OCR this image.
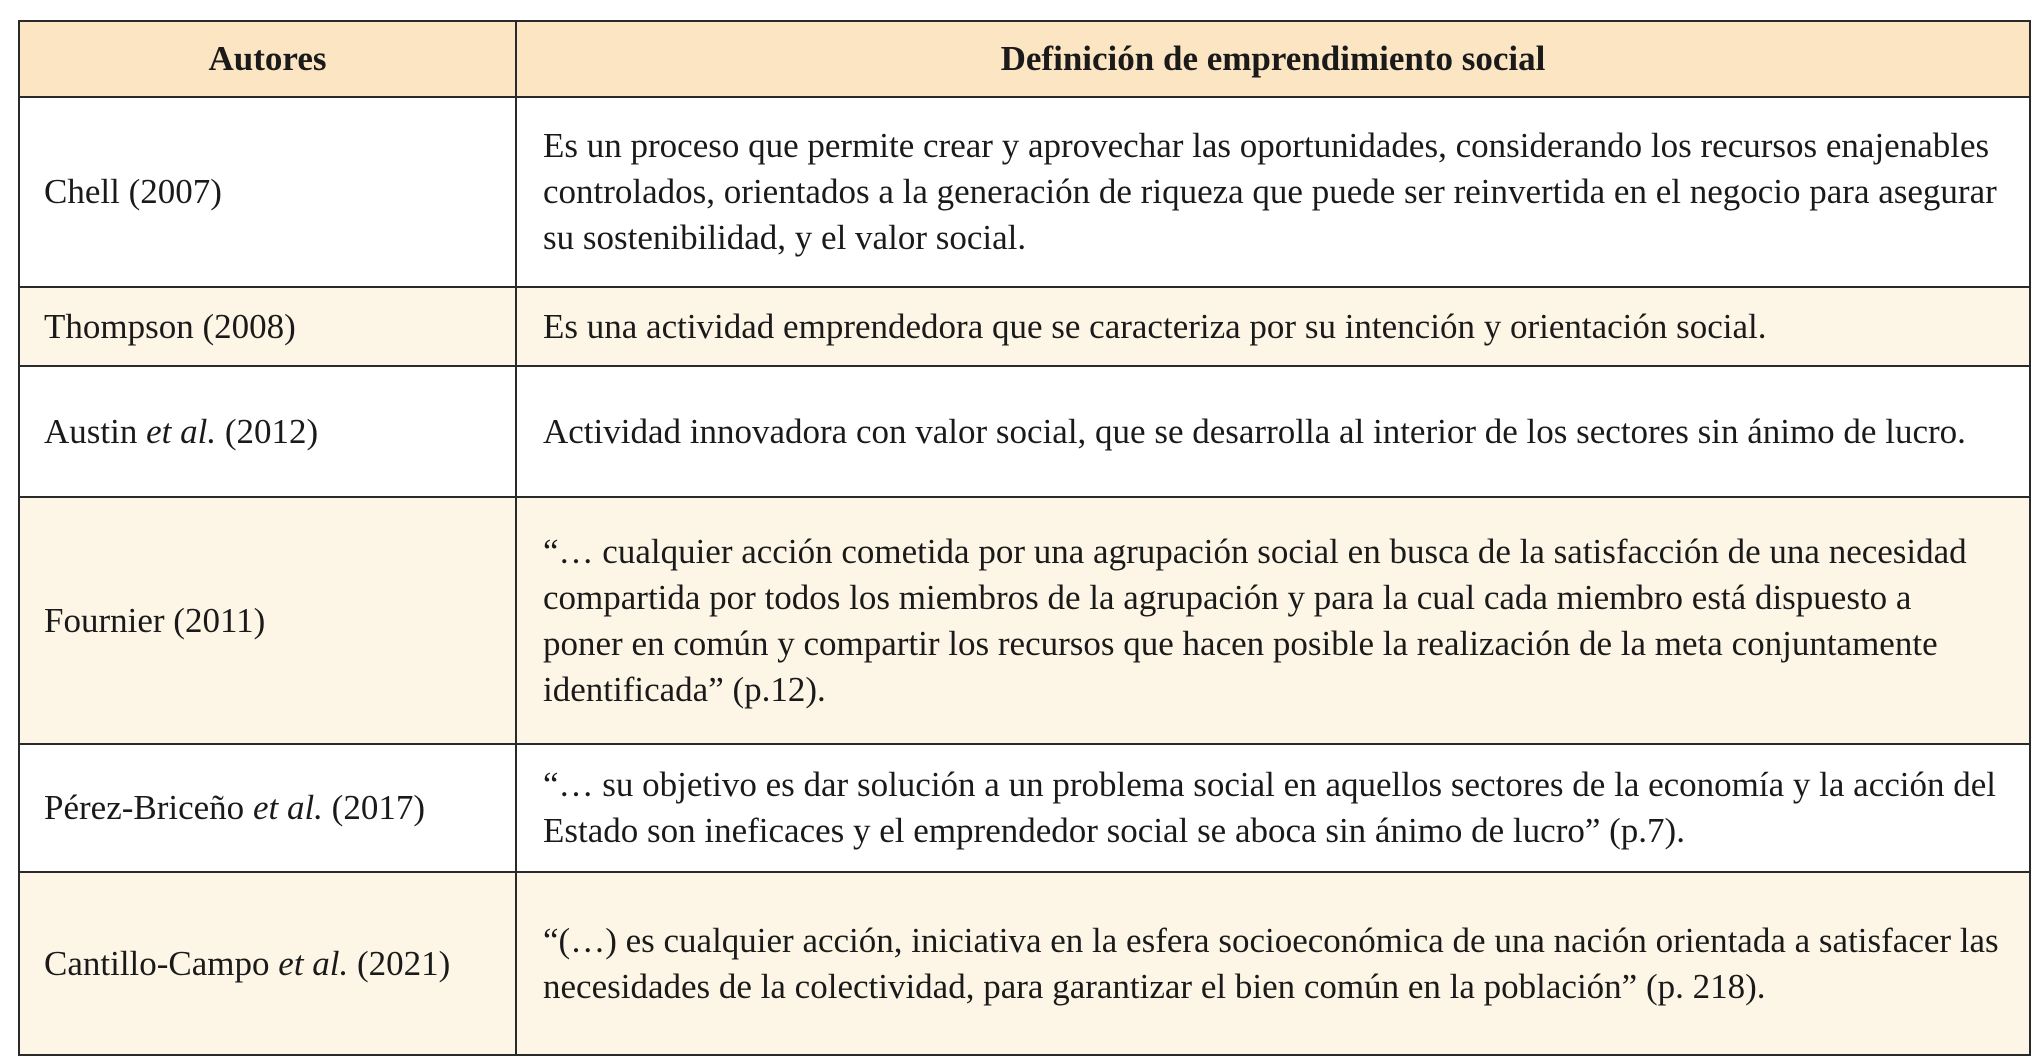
Autores	Definición de emprendimiento social
Chell (2007)	Es un proceso que permite crear y aprovechar las oportunidades, considerando los recursos enajenables controlados, orientados a la generación de riqueza que puede ser reinvertida en el negocio para asegurar su sostenibilidad, y el valor social.
Thompson (2008)	Es una actividad emprendedora que se caracteriza por su intención y orientación social.
Austin et al. (2012)	Actividad innovadora con valor social, que se desarrolla al interior de los sectores sin ánimo de lucro.
Fournier (2011)	“… cualquier acción cometida por una agrupación social en busca de la satisfacción de una necesidad compartida por todos los miembros de la agrupación y para la cual cada miembro está dispuesto a poner en común y compartir los recursos que hacen posible la realización de la meta conjuntamente identificada” (p.12).
Pérez-Briceño et al. (2017)	“… su objetivo es dar solución a un problema social en aquellos sectores de la economía y la acción del Estado son ineficaces y el emprendedor social se aboca sin ánimo de lucro” (p.7).
Cantillo-Campo et al. (2021)	“(…) es cualquier acción, iniciativa en la esfera socioeconómica de una nación orientada a satisfacer las necesidades de la colectividad, para garantizar el bien común en la población” (p. 218).
